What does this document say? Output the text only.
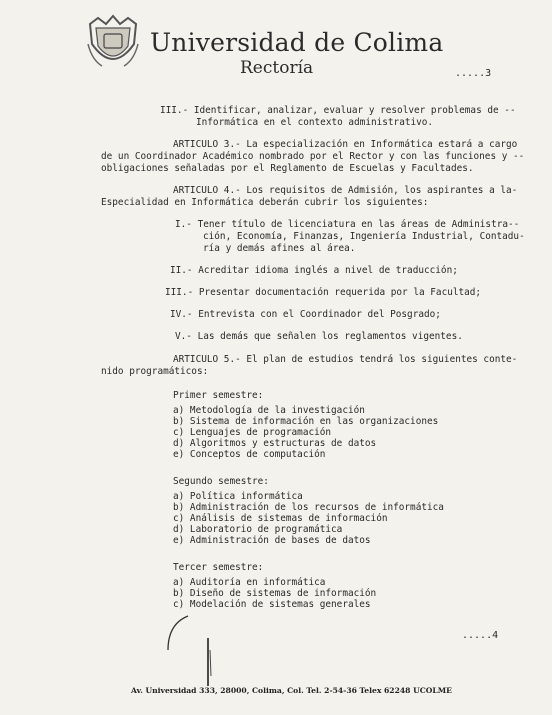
Universidad de Colima
Rectoría	.....3

III.- Identificar, analizar, evaluar y resolver problemas de --

Informática en el contexto administrativo.

ARTICULO 3.- La especialización en Informática estará a cargo

de un Coordinador Académico nombrado por el Rector y con las funciones y --

obligaciones señaladas por el Reglamento de Escuelas y Facultades.

ARTICULO 4.- Los requisitos de Admisión, los aspirantes a la-

Especialidad en Informática deberán cubrir los siguientes:

I.- Tener título de licenciatura en las áreas de Administra--

ción, Economía, Finanzas, Ingeniería Industrial, Contadu-

ría y demás afines al área.

II.- Acreditar idioma inglés a nivel de traducción;

III.- Presentar documentación requerida por la Facultad;

IV.- Entrevista con el Coordinador del Posgrado;

V.- Las demás que señalen los reglamentos vigentes.

ARTICULO 5.- El plan de estudios tendrá los siguientes conte-

nido programáticos:

Primer semestre:

a) Metodología de la investigación

b) Sistema de información en las organizaciones

c) Lenguajes de programación

d) Algoritmos y estructuras de datos

e) Conceptos de computación

Segundo semestre:

a) Política informática

b) Administración de los recursos de informática

c) Análisis de sistemas de información

d) Laboratorio de programática

e) Administración de bases de datos

Tercer semestre:

a) Auditoría en informática

b) Diseño de sistemas de información

c) Modelación de sistemas generales

.....4
Av. Universidad 333, 28000, Colima, Col. Tel. 2-54-36 Telex 62248 UCOLME
